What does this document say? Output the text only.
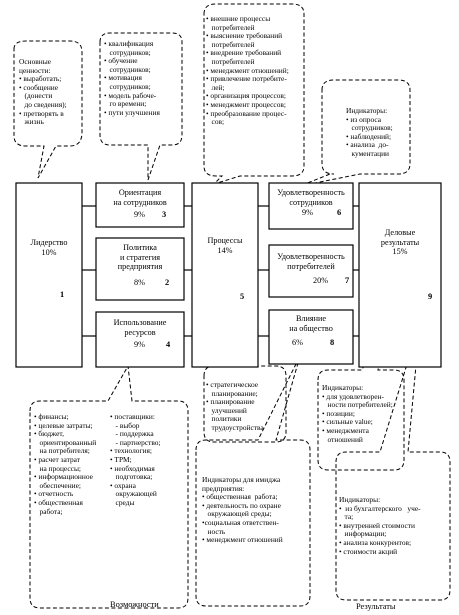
Основные
ценности:
• выработать;
• сообщение
(донести
до сведения);
• претворять в
жизнь
• квалификация
сотрудников;
• обучение
сотрудников;
• мотивация
сотрудников;
• модель рабоче-
го времени;
• пути улучшения
• внешние процессы
потребителей
• выяснение требований
потребителей
• внедрение требований
потребителей
• менеджмент отношений;
• привлечение потребите-
лей;
• организация процессов;
• менеджмент процессов;
• преобразование процес-
сов;
Индикаторы:
• из опроса
сотрудников;
• наблюдений;
• анализа  до-
кументации
• стратегическое
планирование;
• планирование
улучшений
политики
трудоустройства
• финансы;
• целевые затраты;
• бюджет,
ориентированный
на потребителя;
• расчет затрат
на процессы;
• информационное
обеспечение;
• отчетность
• общественная
работа;
• поставщики:
- выбор
- поддержка
- партнерство;
• технология;
• TPM;
• необходимая
подготовка;
• охрана
окружающей
среды
Индикаторы:
• для удовлетворен-
ности потребителей;
• позиции;
• сильные value;
• менеджмента
отношений
Индикаторы для имиджа
предприятия:
• общественная  работа;
• деятельность по охране
окружающей среды;
•социальная ответствен-
ность
• менеджмент отношений
Индикаторы:
•  из бухгалтерского   уче-
та;
• внутренней стоимости
информации;
• анализа конкурентов;
• стоимости акций
Лидерство
10%
1
Ориентация
на сотрудников
9% 3
Политика
и стратегия
предприятия
8% 2
Использование
ресурсов
9%	4
Процессы
14%
5
Удовлетворенность
сотрудников
9%	6
Удовлетворенность
потребителей
20% 7
Влияние
на общество
6%	8
Деловые
результаты
15%
9
Возможности	Результаты
